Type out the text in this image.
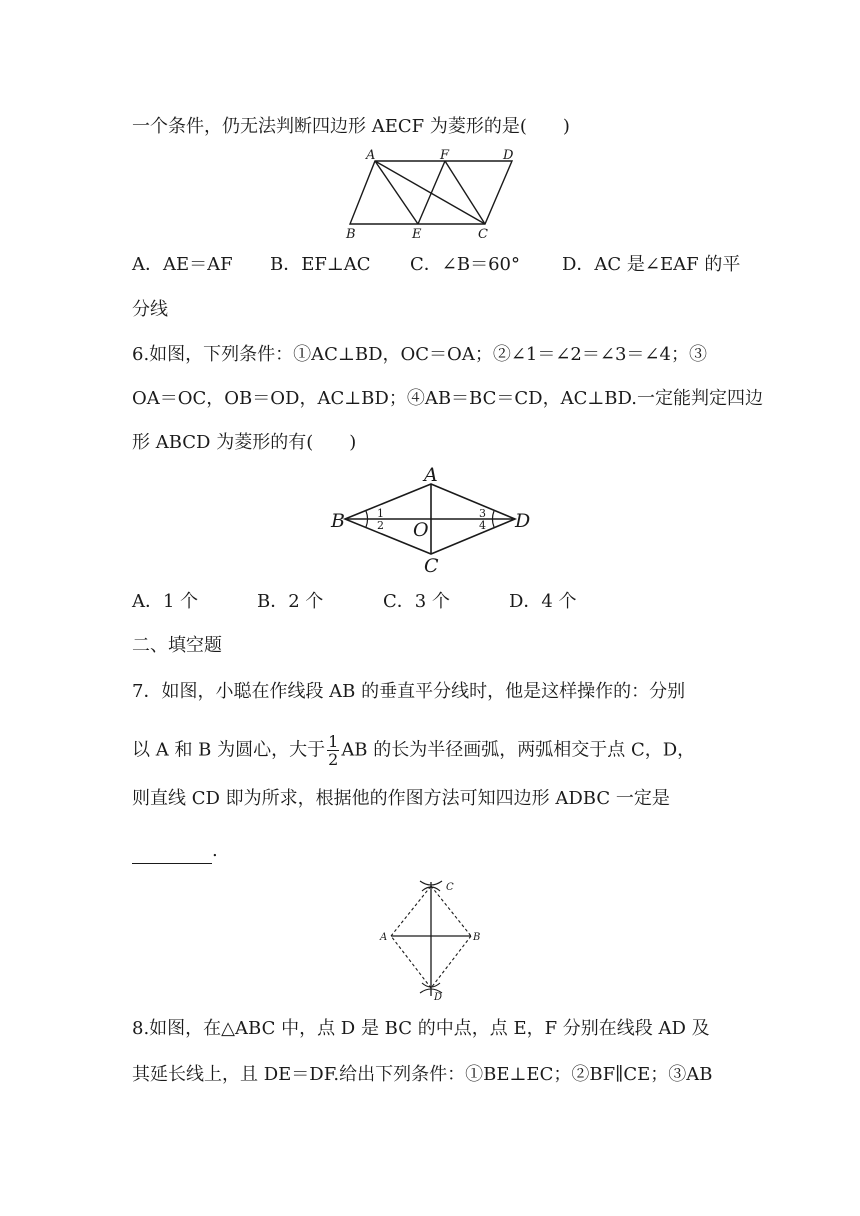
一个条件，仍无法判断四边形 AECF 为菱形的是(　　)
A	F	D
B	E	C
A．AE＝AF B．EF⊥AC C．∠B＝60° D．AC 是∠EAF 的平
分线
6.如图，下列条件：①AC⊥BD，OC＝OA；②∠1＝∠2＝∠3＝∠4；③
OA＝OC，OB＝OD，AC⊥BD；④AB＝BC＝CD，AC⊥BD.一定能判定四边
形 ABCD 为菱形的有(　　)
A
B
C
D
O
1
2
3
4
A．1 个	B．2 个	C．3 个	D．4 个
二、填空题
7．如图，小聪在作线段 AB 的垂直平分线时，他是这样操作的：分别
以 A 和 B 为圆心，大于 $\frac{1}{2}$ AB 的长为半径画弧，两弧相交于点 C，D，
则直线 CD 即为所求，根据他的作图方法可知四边形 ADBC 一定是
.
C
A	B
D
8.如图，在△ABC 中，点 D 是 BC 的中点，点 E，F 分别在线段 AD 及
其延长线上，且 DE＝DF.给出下列条件：①BE⊥EC；②BF∥CE；③AB
